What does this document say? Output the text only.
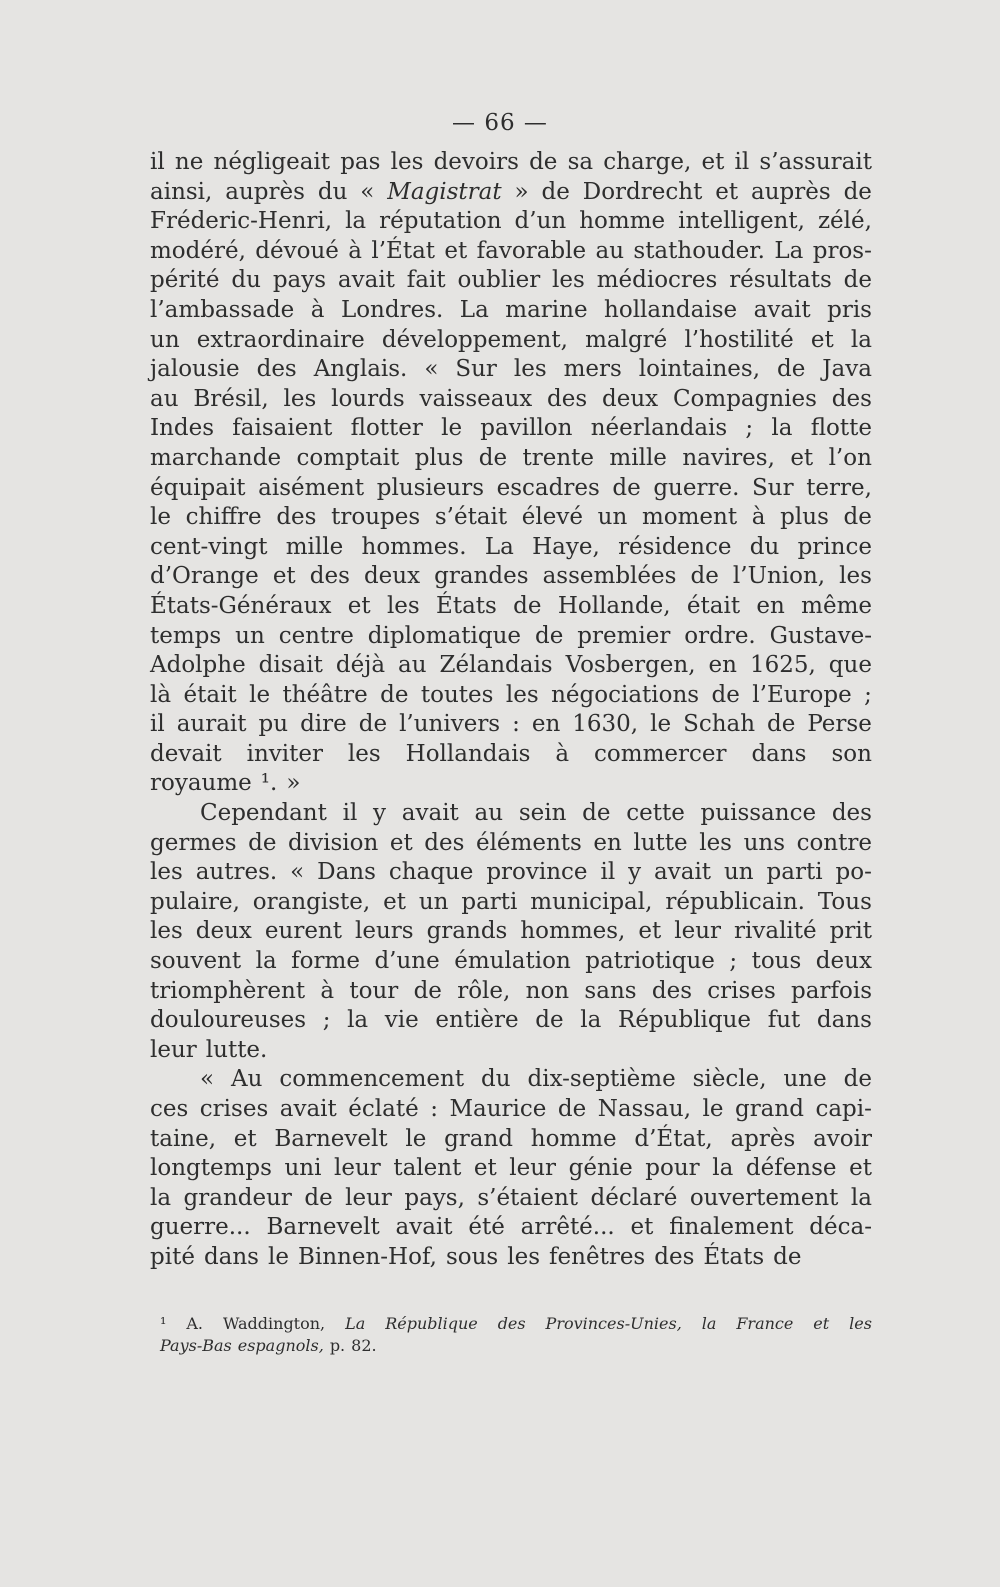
— 66 —
il ne négligeait pas les devoirs de sa charge, et il s’assurait
ainsi, auprès du « Magistrat » de Dordrecht et auprès de
Fréderic-Henri, la réputation d’un homme intelligent, zélé,
modéré, dévoué à l’État et favorable au stathouder. La pros-
périté du pays avait fait oublier les médiocres résultats de
l’ambassade à Londres. La marine hollandaise avait pris
un extraordinaire développement, malgré l’hostilité et la
jalousie des Anglais. « Sur les mers lointaines, de Java
au Brésil, les lourds vaisseaux des deux Compagnies des
Indes faisaient flotter le pavillon néerlandais ; la flotte
marchande comptait plus de trente mille navires, et l’on
équipait aisément plusieurs escadres de guerre. Sur terre,
le chiffre des troupes s’était élevé un moment à plus de
cent-vingt mille hommes. La Haye, résidence du prince
d’Orange et des deux grandes assemblées de l’Union, les
États-Généraux et les États de Hollande, était en même
temps un centre diplomatique de premier ordre. Gustave-
Adolphe disait déjà au Zélandais Vosbergen, en 1625, que
là était le théâtre de toutes les négociations de l’Europe ;
il aurait pu dire de l’univers : en 1630, le Schah de Perse
devait inviter les Hollandais à commercer dans son
royaume ¹. »
Cependant il y avait au sein de cette puissance des
germes de division et des éléments en lutte les uns contre
les autres. « Dans chaque province il y avait un parti po-
pulaire, orangiste, et un parti municipal, républicain. Tous
les deux eurent leurs grands hommes, et leur rivalité prit
souvent la forme d’une émulation patriotique ; tous deux
triomphèrent à tour de rôle, non sans des crises parfois
douloureuses ; la vie entière de la République fut dans
leur lutte.
« Au commencement du dix-septième siècle, une de
ces crises avait éclaté : Maurice de Nassau, le grand capi-
taine, et Barnevelt le grand homme d’État, après avoir
longtemps uni leur talent et leur génie pour la défense et
la grandeur de leur pays, s’étaient déclaré ouvertement la
guerre... Barnevelt avait été arrêté... et finalement déca-
pité dans le Binnen-Hof, sous les fenêtres des États de
¹ A. Waddington, La République des Provinces-Unies, la France et les
Pays-Bas espagnols, p. 82.
